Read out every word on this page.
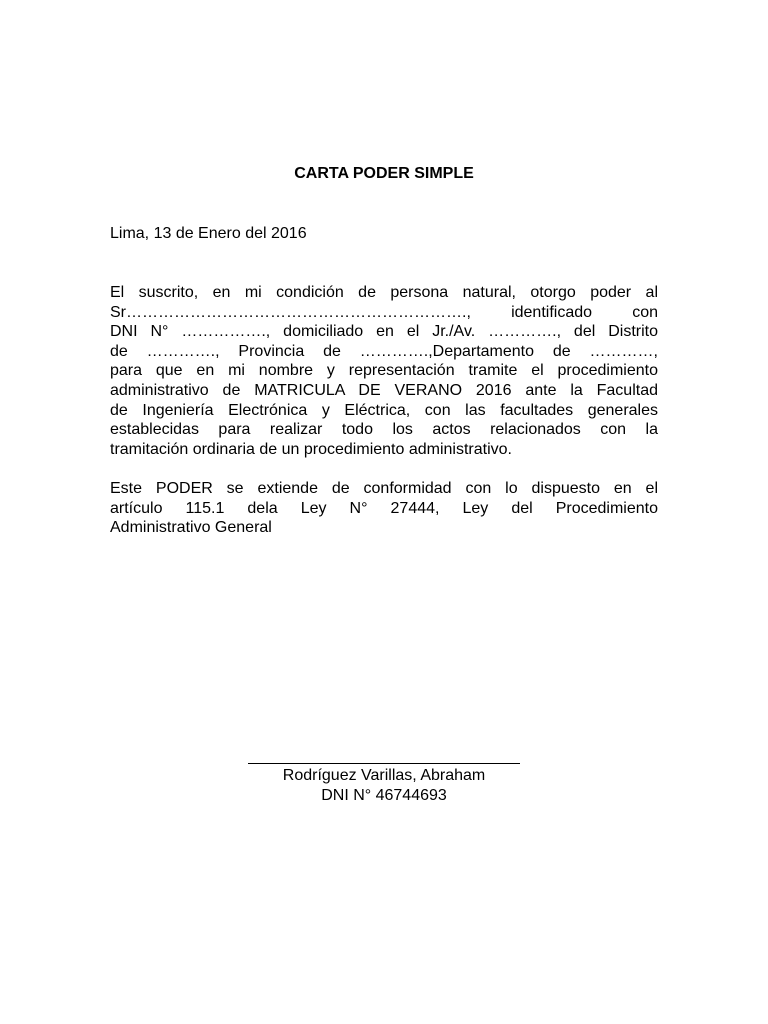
CARTA PODER SIMPLE

Lima, 13 de Enero del 2016

El suscrito, en mi condición de persona natural, otorgo poder al
Sr………………………………………………………., identificado con
DNI N° ……………., domiciliado en el Jr./Av. …………., del Distrito
de …………., Provincia de ………….,Departamento de …………,
para que en mi nombre y representación tramite el procedimiento
administrativo de MATRICULA DE VERANO 2016 ante la Facultad
de Ingeniería Electrónica y Eléctrica, con las facultades generales
establecidas para realizar todo los actos relacionados con la
tramitación ordinaria de un procedimiento administrativo.
Este PODER se extiende de conformidad con lo dispuesto en el
artículo 115.1 dela Ley N° 27444, Ley del Procedimiento
Administrativo General
Rodríguez Varillas, Abraham
DNI N° 46744693
